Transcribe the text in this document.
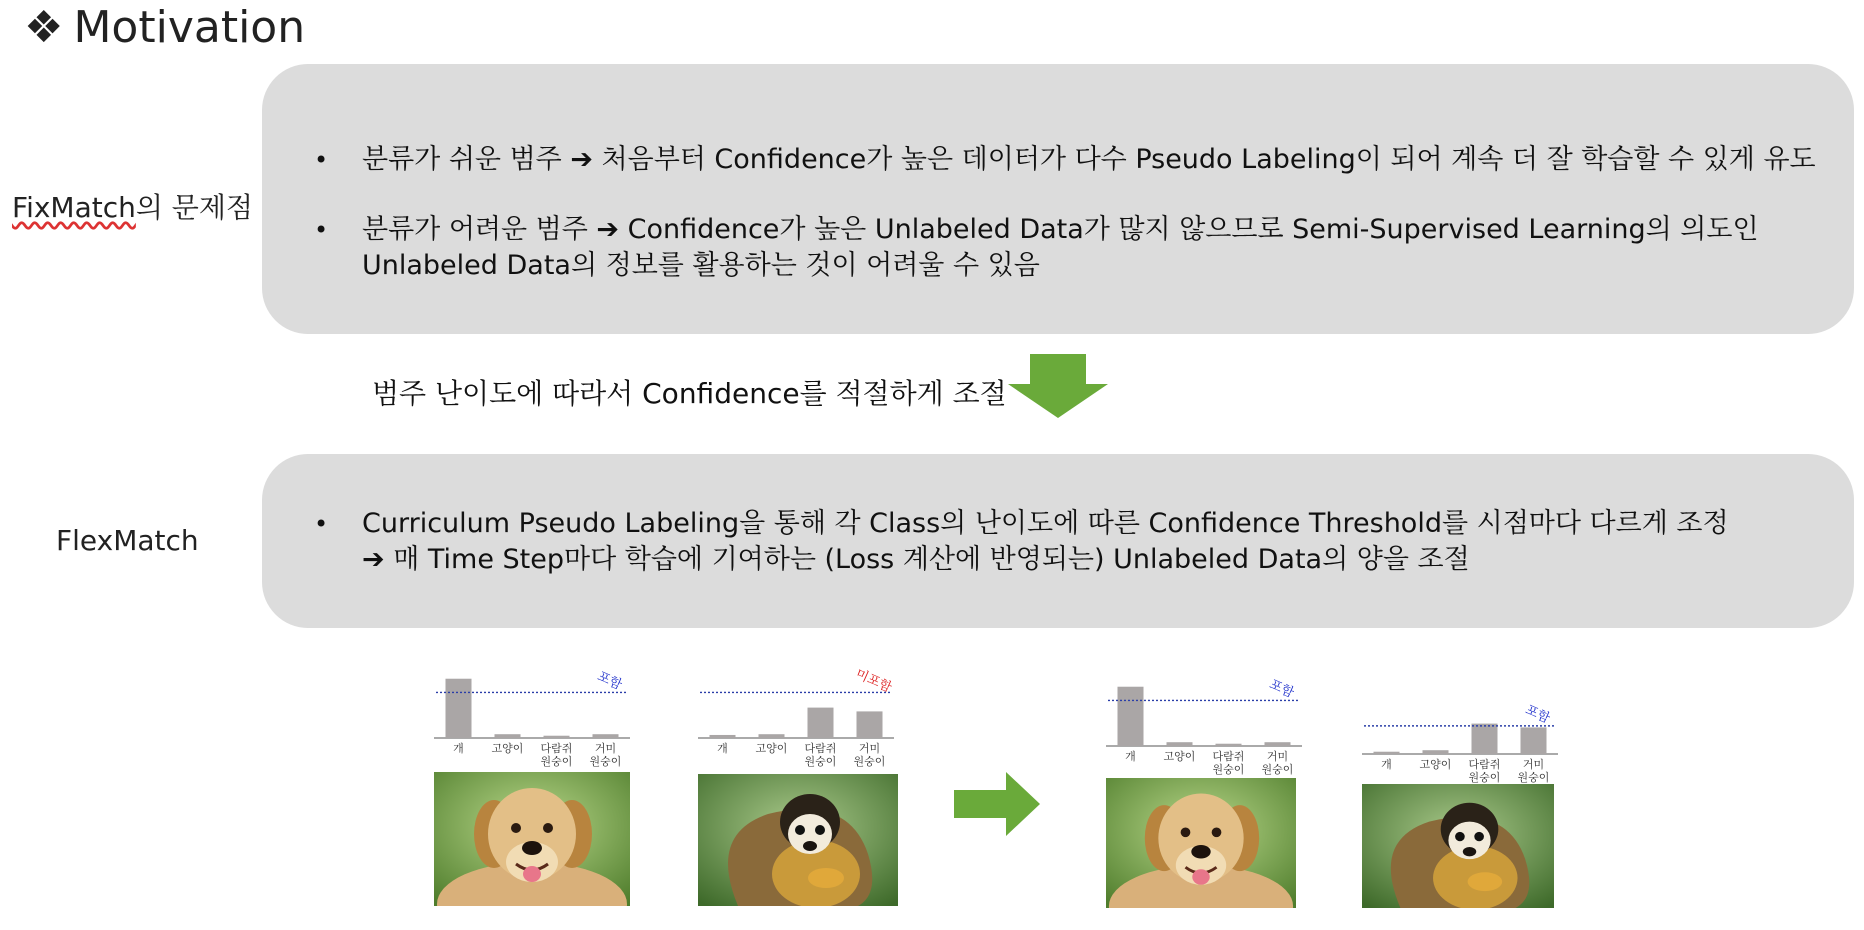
❖ Motivation
FixMatch의 문제점
• 분류가 쉬운 범주 ➔ 처음부터 Confidence가 높은 데이터가 다수 Pseudo Labeling이 되어 계속 더 잘 학습할 수 있게 유도
• 분류가 어려운 범주 ➔ Confidence가 높은 Unlabeled Data가 많지 않으므로 Semi-Supervised Learning의 의도인
Unlabeled Data의 정보를 활용하는 것이 어려울 수 있음
범주 난이도에 따라서 Confidence를 적절하게 조절
FlexMatch
• Curriculum Pseudo Labeling을 통해 각 Class의 난이도에 따른 Confidence Threshold를 시점마다 다르게 조정
➔ 매 Time Step마다 학습에 기여하는 (Loss 계산에 반영되는) Unlabeled Data의 양을 조절
개	고양이 다람쥐 원숭이
거미 원숭이
포함
개	고양이 다람쥐 원숭이
거미 원숭이
미포함
개	고양이 다람쥐 원숭이
거미 원숭이
포함
개	고양이 다람쥐 원숭이
거미 원숭이
포함
